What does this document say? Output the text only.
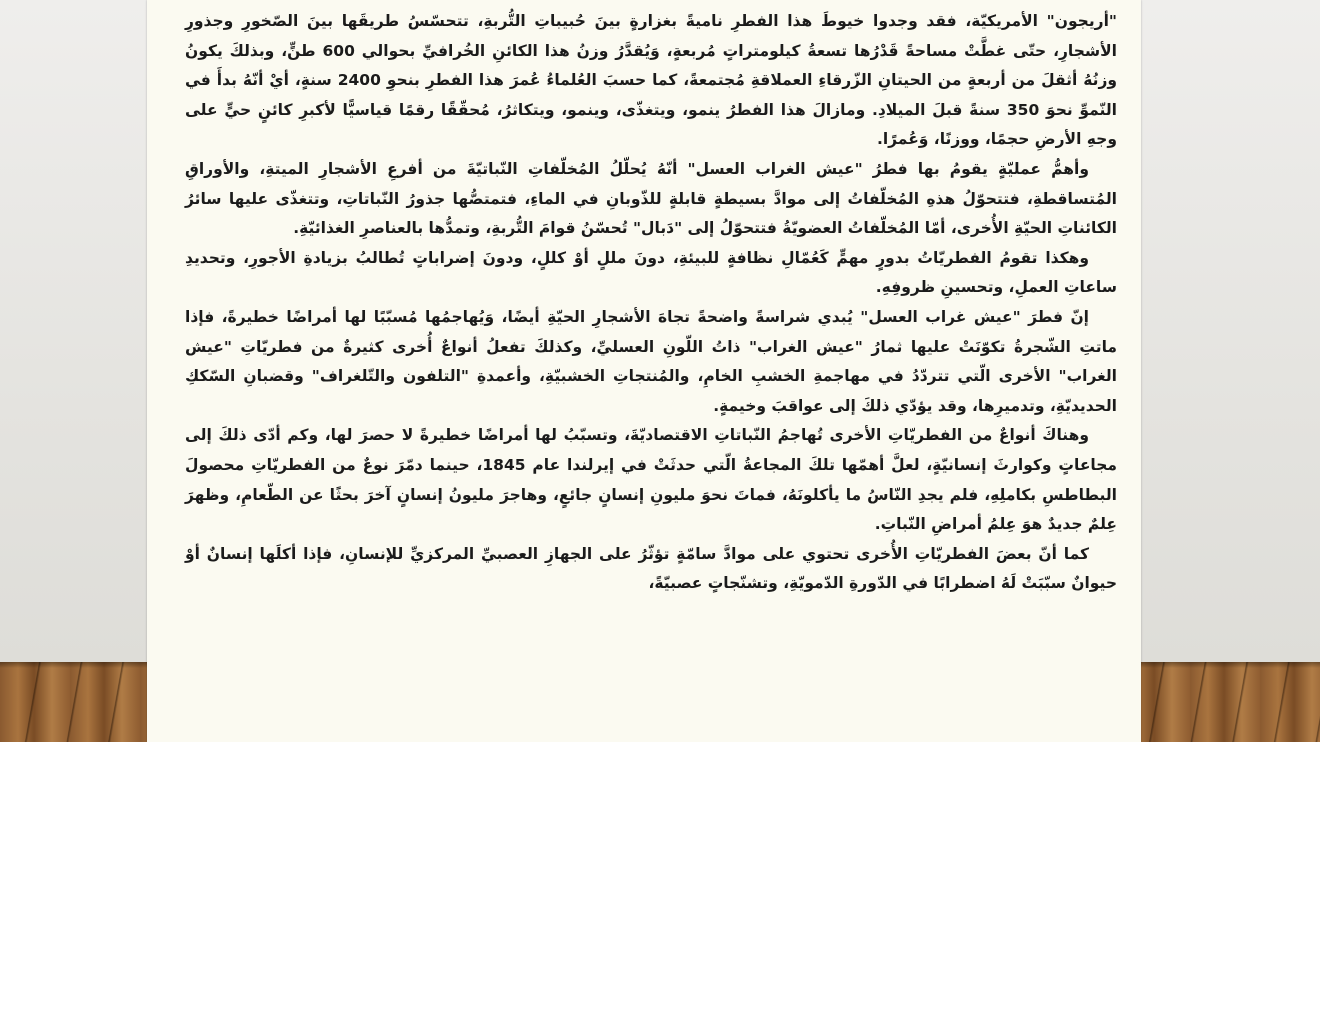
"أريجون" الأمريكيّة، فقد وجدوا خيوطَ هذا الفطرِ ناميةً بغزارةٍ بينَ حُبيباتِ التُّربةِ، تتحسّسُ طريقَها بينَ الصّخورِ وجذورِ الأشجارِ، حتّى غطَّتْ مساحةً قَدْرُها تسعةُ كيلومتراتٍ مُربعةٍ، وَيُقدَّرُ وزنُ هذا الكائنِ الخُرافيِّ بحوالي 600 طنٍّ، وبذلكَ يكونُ وزنُهُ أثقلَ من أربعةٍ من الحيتانِ الزّرقاءِ العملاقةِ مُجتمعةً، كما حسبَ العُلماءُ عُمرَ هذا الفطرِ بنحوِ 2400 سنةٍ، أيْ أنّهُ بدأَ في النّموِّ نحوَ 350 سنةً قبلَ الميلادِ. ومازالَ هذا الفطرُ ينمو، ويتغذّى، وينمو، ويتكاثرُ، مُحقّقًا رقمًا قياسيًّا لأكبرِ كائنٍ حيٍّ على وجهِ الأرضِ حجمًا، ووزنًا، وَعُمرًا.

وأهمُّ عمليّةٍ يقومُ بها فطرُ "عيش الغراب العسل" أنّهُ يُحلّلُ المُخلّفاتِ النّباتيّةَ من أفرعِ الأشجارِ الميتةِ، والأوراقِ المُتساقطةِ، فتتحوّلُ هذهِ المُخلّفاتُ إلى موادَّ بسيطةٍ قابلةٍ للذّوبانِ في الماءِ، فتمتصُّها جذورُ النّباتاتِ، وتتغذّى عليها سائرُ الكائناتِ الحيّةِ الأُخرى، أمّا المُخلّفاتُ العضويّةُ فتتحوّلُ إلى "دَبال" تُحسّنُ قوامَ التُّربةِ، وتمدُّها بالعناصرِ الغذائيّةِ.

وهكذا تقومُ الفطريّاتُ بدورٍ مهمٍّ كَعُمّالِ نظافةٍ للبيئةِ، دونَ مللٍ أوْ كللٍ، ودونَ إضراباتٍ تُطالبُ بزيادةِ الأجورِ، وتحديدِ ساعاتِ العملِ، وتحسينِ ظروفِهِ.

إنّ فطرَ "عيش غراب العسل" يُبدي شراسةً واضحةً تجاهَ الأشجارِ الحيّةِ أيضًا، وَيُهاجمُها مُسبّبًا لها أمراضًا خطيرةً، فإذا ماتتِ الشّجرةُ تكوّنَتْ عليها ثمارُ "عيش الغراب" ذاتُ اللّونِ العسليِّ، وكذلكَ تفعلُ أنواعٌ أُخرى كثيرةٌ من فطريّاتِ "عيش الغراب" الأخرى الّتي تتردّدُ في مهاجمةِ الخشبِ الخامِ، والمُنتجاتِ الخشبيّةِ، وأعمدةِ "التلفون والتّلغراف" وقضبانِ السّككِ الحديديّةِ، وتدميرِها، وقد يؤدّي ذلكَ إلى عواقبَ وخيمةٍ.

وهناكَ أنواعٌ من الفطريّاتِ الأخرى تُهاجمُ النّباتاتِ الاقتصاديّةَ، وتسبّبُ لها أمراضًا خطيرةً لا حصرَ لها، وكم أدّى ذلكَ إلى مجاعاتٍ وكوارثَ إنسانيّةٍ، لعلَّ أهمّها تلكَ المجاعةُ الّتي حدثَتْ في إيرلندا عام 1845، حينما دمّرَ نوعٌ من الفطريّاتِ محصولَ البطاطسِ بكاملِهِ، فلم يجدِ النّاسُ ما يأكلونَهُ، فماتَ نحوَ مليونِ إنسانٍ جائعٍ، وهاجرَ مليونُ إنسانٍ آخرَ بحثًا عن الطّعامِ، وظهرَ عِلمٌ جديدٌ هوَ عِلمُ أمراضِ النّباتِ.

كما أنّ بعضَ الفطريّاتِ الأُخرى تحتوي على موادَّ سامّةٍ تؤثّرُ على الجهازِ العصبيِّ المركزيِّ للإنسانِ، فإذا أكلَها إنسانٌ أوْ حيوانٌ سبّبَتْ لَهُ اضطرابًا في الدّورةِ الدّمويّةِ، وتشنّجاتٍ عصبيّةً،
